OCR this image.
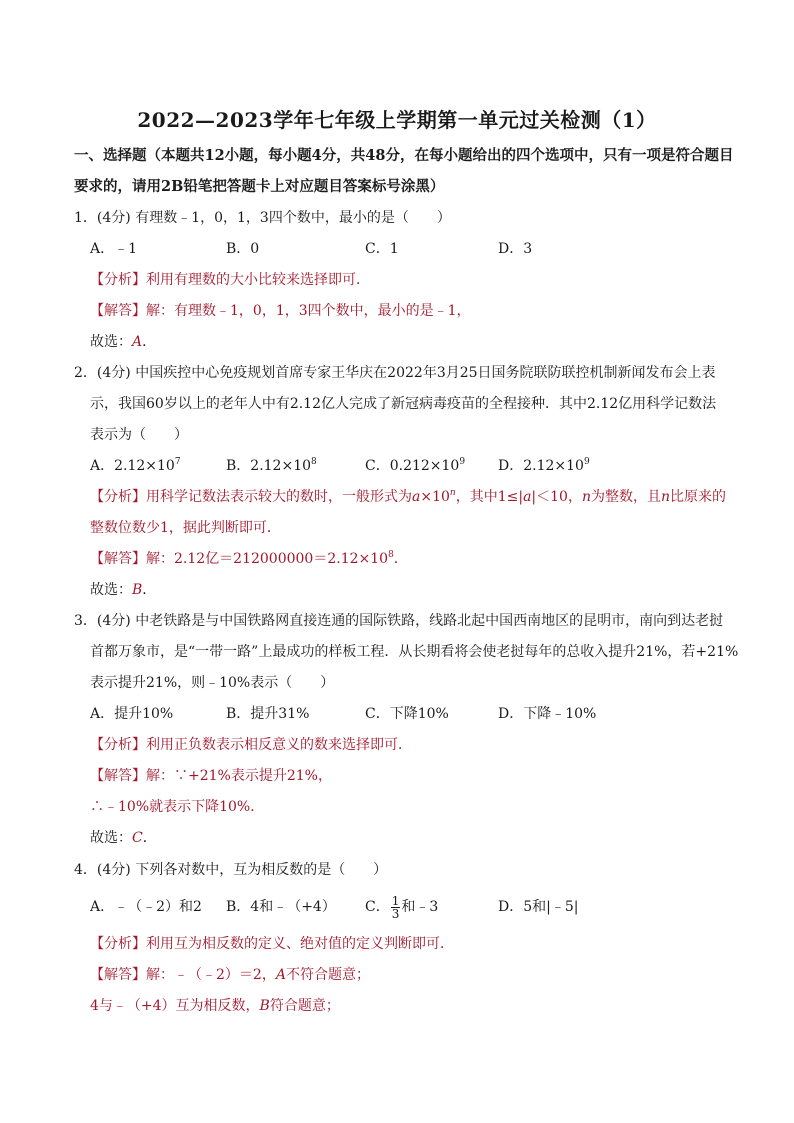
2022—2023学年七年级上学期第一单元过关检测（1）
一、选择题（本题共12小题，每小题4分，共48分，在每小题给出的四个选项中，只有一项是符合题目
要求的，请用2B铅笔把答题卡上对应题目答案标号涂黑）
1．(4分) 有理数﹣1，0，1，3四个数中，最小的是（　　）
A．﹣1	B．0	C．1	D．3
【分析】利用有理数的大小比较来选择即可．
【解答】解：有理数﹣1，0，1，3四个数中，最小的是﹣1，
故选：A．
2．(4分) 中国疾控中心免疫规划首席专家王华庆在2022年3月25日国务院联防联控机制新闻发布会上表
示，我国60岁以上的老年人中有2.12亿人完成了新冠病毒疫苗的全程接种．其中2.12亿用科学记数法
表示为（　　）
A．$2.12\times 10^7$	B．$2.12\times 10^8$	C．$0.212\times 10^9$ D．$2.12\times 10^9$
【分析】用科学记数法表示较大的数时，一般形式为$a\times 10^n$，其中1≤|a|＜10，n为整数，且n比原来的
整数位数少1，据此判断即可．
【解答】解：2.12亿$=212000000=2.12\times 10^8$．
故选：B．
3．(4分) 中老铁路是与中国铁路网直接连通的国际铁路，线路北起中国西南地区的昆明市，南向到达老挝
首都万象市，是“一带一路”上最成功的样板工程．从长期看将会使老挝每年的总收入提升21%，若+21%
表示提升21%，则﹣10%表示（　　）
A．提升10%	B．提升31%	C．下降10%	D．下降﹣10%
【分析】利用正负数表示相反意义的数来选择即可．
【解答】解：∵+21%表示提升21%，
∴﹣10%就表示下降10%．
故选：C．
4．(4分) 下列各对数中，互为相反数的是（　　）
A．﹣（﹣2）和2 B．4和﹣（+4） C． $\frac{1}{3}$ 和﹣3	D．5和|﹣5|
【分析】利用互为相反数的定义、绝对值的定义判断即可．
【解答】解：﹣（﹣2）＝2，A不符合题意；
4与﹣（+4）互为相反数，B符合题意；
